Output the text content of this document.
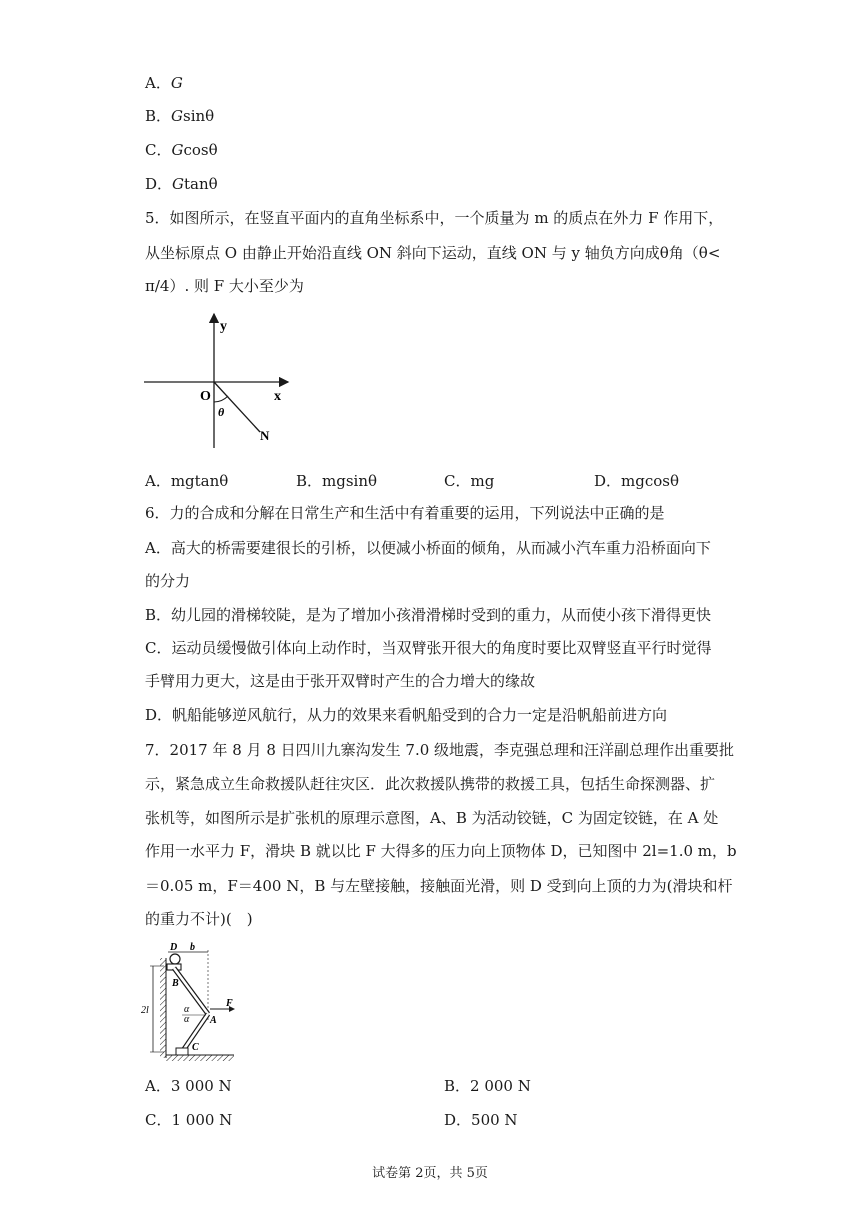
A．G
B．Gsinθ
C．Gcosθ
D．Gtanθ
5．如图所示，在竖直平面内的直角坐标系中，一个质量为 m 的质点在外力 F 作用下，
从坐标原点 O 由静止开始沿直线 ON 斜向下运动，直线 ON 与 y 轴负方向成θ角（θ<
π/4）. 则 F 大小至少为
y
x
O
θ
N
A．mgtanθ	B．mgsinθ	C．mg	D．mgcosθ
6．力的合成和分解在日常生产和生活中有着重要的运用，下列说法中正确的是
A．高大的桥需要建很长的引桥，以便减小桥面的倾角，从而减小汽车重力沿桥面向下
的分力
B．幼儿园的滑梯较陡，是为了增加小孩滑滑梯时受到的重力，从而使小孩下滑得更快
C．运动员缓慢做引体向上动作时，当双臂张开很大的角度时要比双臂竖直平行时觉得
手臂用力更大，这是由于张开双臂时产生的合力增大的缘故
D．帆船能够逆风航行，从力的效果来看帆船受到的合力一定是沿帆船前进方向
7．2017 年 8 月 8 日四川九寨沟发生 7.0 级地震，李克强总理和汪洋副总理作出重要批
示，紧急成立生命救援队赶往灾区．此次救援队携带的救援工具，包括生命探测器、扩
张机等，如图所示是扩张机的原理示意图，A、B 为活动铰链，C 为固定铰链，在 A 处
作用一水平力 F，滑块 B 就以比 F 大得多的压力向上顶物体 D，已知图中 2l=1.0 m，b
＝0.05 m，F＝400 N，B 与左壁接触，接触面光滑，则 D 受到向上顶的力为(滑块和杆
的重力不计)(　)
D b
2l
B
F
α
α A
C
A．3 000 N	B．2 000 N
C．1 000 N	D．500 N
试卷第 2页，共 5页
